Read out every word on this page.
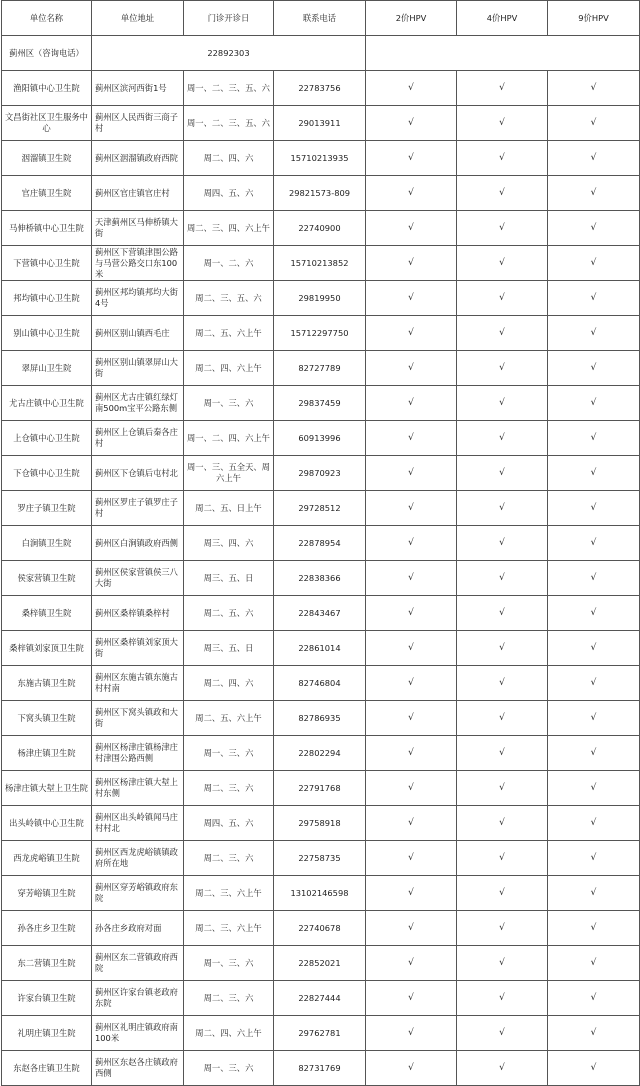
单位名称	单位地址	门诊开诊日	联系电话	2价HPV	4价HPV	9价HPV
蓟州区（咨询电话）	22892303					
渔阳镇中心卫生院	蓟州区滨河西街1号	周一、二、三、五、六	22783756	√	√	√
文昌街社区卫生服务中心	蓟州区人民西街三商子村	周一、二、三、五、六	29013911	√	√	√
洇溜镇卫生院	蓟州区洇溜镇政府西院	周二、四、六	15710213935	√	√	√
官庄镇卫生院	蓟州区官庄镇官庄村	周四、五、六	29821573-809	√	√	√
马伸桥镇中心卫生院	天津蓟州区马伸桥镇大街	周二、三、四、六上午	22740900	√	√	√
下营镇中心卫生院	蓟州区下营镇津围公路与马营公路交口东100米	周一、二、六	15710213852	√	√	√
邦均镇中心卫生院	蓟州区邦均镇邦均大街4号	周二、三、五、六	29819950	√	√	√
别山镇中心卫生院	蓟州区别山镇西毛庄	周二、五、六上午	15712297750	√	√	√
翠屏山卫生院	蓟州区别山镇翠屏山大街	周二、四、六上午	82727789	√	√	√
尤古庄镇中心卫生院	蓟州区尤古庄镇红绿灯南500m宝平公路东侧	周一、三、六	29837459	√	√	√
上仓镇中心卫生院	蓟州区上仓镇后秦各庄村	周一、二、四、六上午	60913996	√	√	√
下仓镇中心卫生院	蓟州区下仓镇后屯村北	周一、三、五全天、周六上午	29870923	√	√	√
罗庄子镇卫生院	蓟州区罗庄子镇罗庄子村	周二、五、日上午	29728512	√	√	√
白涧镇卫生院	蓟州区白涧镇政府西侧	周三、四、六	22878954	√	√	√
侯家营镇卫生院	蓟州区侯家营镇侯三八大街	周三、五、日	22838366	√	√	√
桑梓镇卫生院	蓟州区桑梓镇桑梓村	周二、五、六	22843467	√	√	√
桑梓镇刘家顶卫生院	蓟州区桑梓镇刘家顶大街	周三、五、日	22861014	√	√	√
东施古镇卫生院	蓟州区东施古镇东施古村村南	周二、四、六	82746804	√	√	√
下窝头镇卫生院	蓟州区下窝头镇政和大街	周二、五、六上午	82786935	√	√	√
杨津庄镇卫生院	蓟州区杨津庄镇杨津庄村津围公路西侧	周一、三、六	22802294	√	√	√
杨津庄镇大堼上卫生院	蓟州区杨津庄镇大堼上村东侧	周二、三、六	22791768	√	√	√
出头岭镇中心卫生院	蓟州区出头岭镇闻马庄村村北	周四、五、六	29758918	√	√	√
西龙虎峪镇卫生院	蓟州区西龙虎峪镇镇政府所在地	周二、三、六	22758735	√	√	√
穿芳峪镇卫生院	蓟州区穿芳峪镇政府东院	周二、三、六上午	13102146598	√	√	√
孙各庄乡卫生院	孙各庄乡政府对面	周二、三、六上午	22740678	√	√	√
东二营镇卫生院	蓟州区东二营镇政府西院	周一、三、六	22852021	√	√	√
许家台镇卫生院	蓟州区许家台镇老政府东院	周二、三、六	22827444	√	√	√
礼明庄镇卫生院	蓟州区礼明庄镇政府南100米	周二、四、六上午	29762781	√	√	√
东赵各庄镇卫生院	蓟州区东赵各庄镇政府西侧	周一、三、六	82731769	√	√	√
